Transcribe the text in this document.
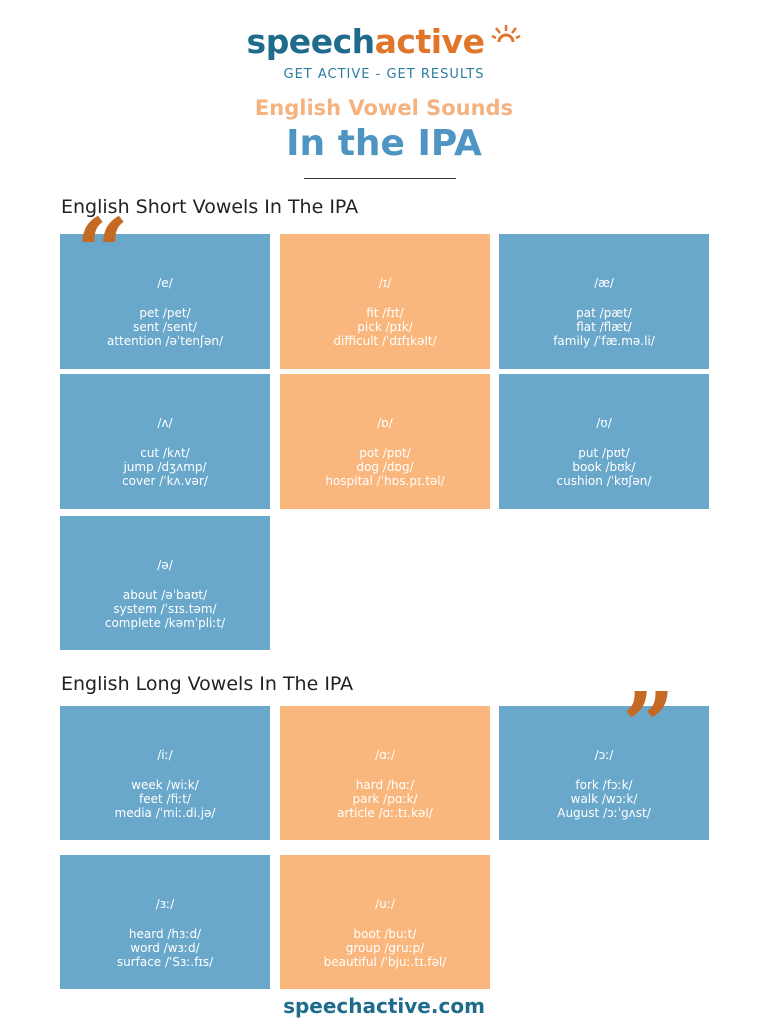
speechactive
GET ACTIVE - GET RESULTS
English Vowel Sounds
In the IPA
English Short Vowels In The IPA
/e/
pet /pet/
sent /sent/
attention /əˈtenʃən/
/ɪ/
fit /fɪt/
pick /pɪk/
difficult /ˈdɪfɪkəlt/
/æ/
pat /pæt/
flat /flæt/
family /ˈfæ.mə.li/
/ʌ/
cut /kʌt/
jump /dʒʌmp/
cover /ˈkʌ.vər/
/ɒ/
pot /pɒt/
dog /dɒg/
hospital /ˈhɒs.pɪ.təl/
/ʊ/
put /pʊt/
book /bʊk/
cushion /ˈkʊʃən/
/ə/
about /əˈbaʊt/
system /ˈsɪs.təm/
complete /kəmˈpliːt/
“
English Long Vowels In The IPA
/iː/
week /wiːk/
feet /fiːt/
media /ˈmiː.di.jə/
/ɑː/
hard /hɑː/
park /pɑːk/
article /ɑː.tɪ.kəl/
/ɔː/
fork /fɔːk/
walk /wɔːk/
August /ɔːˈgʌst/
/ɜː/
heard /hɜːd/
word /wɜːd/
surface /ˈSɜː.fɪs/
/uː/
boot /buːt/
group /gruːp/
beautiful /ˈbjuː.tɪ.fəl/
”
speechactive.com
